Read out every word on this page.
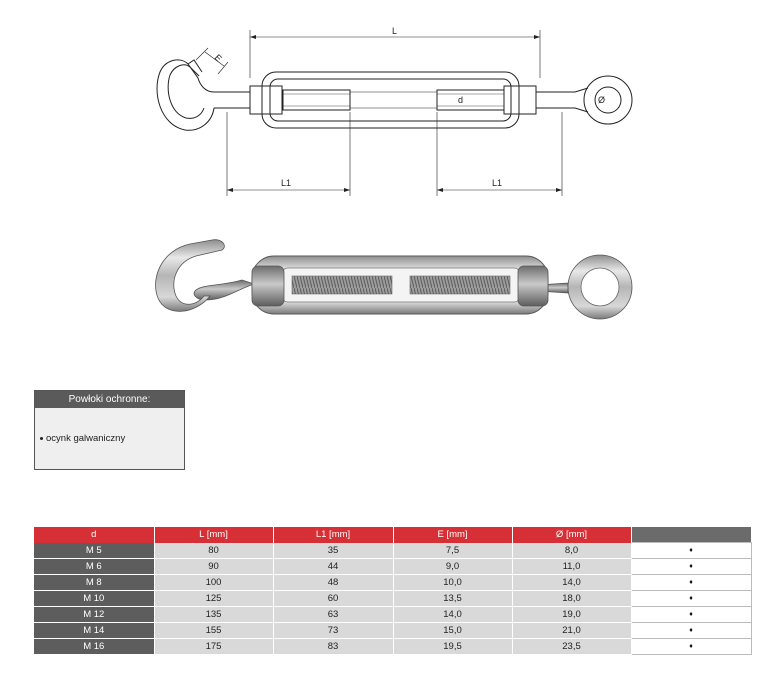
L
E
d	Ø
L1	L1
Powłoki ochronne:
ocynk galwaniczny
d	L [mm]	L1 [mm]	E [mm]	Ø [mm]	
M 5	80	35	7,5	8,0	♦
M 6	90	44	9,0	11,0	♦
M 8	100	48	10,0	14,0	♦
M 10	125	60	13,5	18,0	♦
M 12	135	63	14,0	19,0	♦
M 14	155	73	15,0	21,0	♦
M 16	175	83	19,5	23,5	♦
